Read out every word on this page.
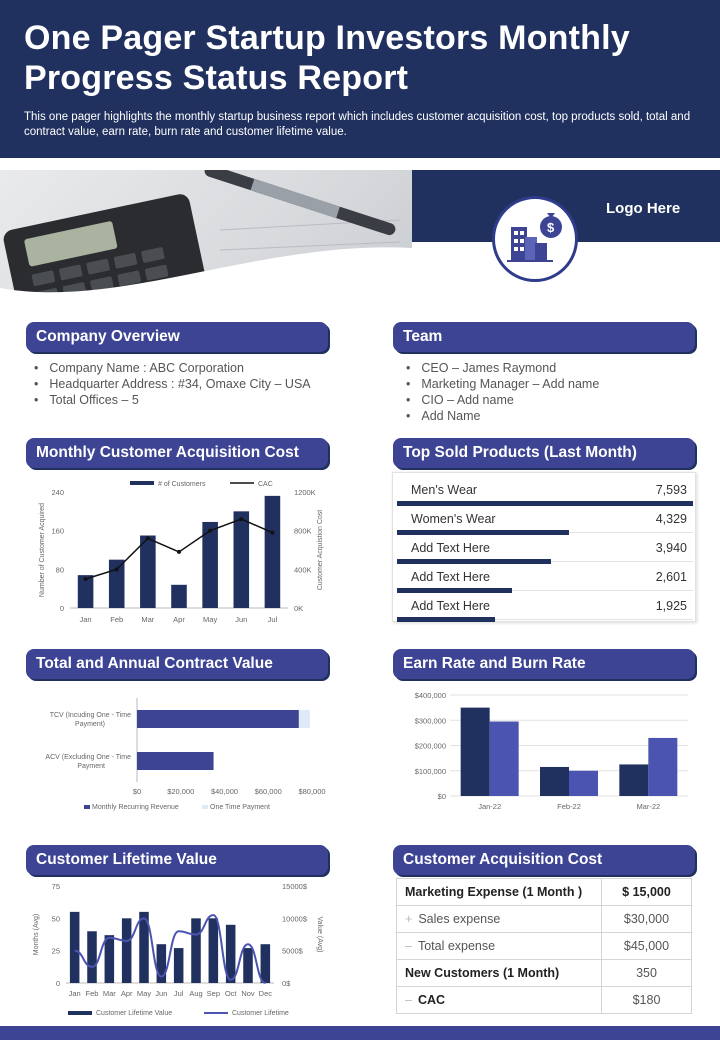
One Pager Startup Investors Monthly Progress Status Report

This one pager highlights the monthly startup business report which includes customer acquisition cost, top products sold, total and contract value, earn rate, burn rate and customer lifetime value.

$
Logo Here
Company Overview
• Company Name : ABC Corporation
• Headquarter Address : #34, Omaxe City – USA
• Total Offices – 5
Team
• CEO – James Raymond
• Marketing Manager – Add name
• CIO – Add name
• Add Name
Monthly Customer Acquisition Cost
# of Customers	CAC
0
80
160
240
0K
400K
800K
1200K
Number of Customer Acquired	Customer Acquistion Cost
Jan Feb Mar	Apr May Jun	Jul
Top Sold Products (Last Month)
Men's Wear	7,593
Women's Wear	4,329
Add Text Here	3,940
Add Text Here	2,601
Add Text Here	1,925
Total and Annual Contract Value
$0	$20,000 $40,000 $60,000 $80,000
TCV (Incuding One - Time Payment)
ACV (Excluding One - Time Payment
Monthly Recurring Revenue	One Time Payment
Earn Rate and Burn Rate
$0
$100,000
$200,000
$300,000
$400,000
Jan-22	Feb-22	Mar-22
Customer Lifetime Value
0
25
50
75
0$
5000$
10000$
15000$
Months (Avg)	Value (Avg)
Jan Feb Mar Apr May Jun Jul Aug Sep Oct Nov Dec
Customer Lifetime Value	Customer Lifetime
Customer Acquisition Cost
Marketing Expense (1 Month )	$ 15,000
+ Sales expense	$30,000
– Total expense	$45,000
New Customers (1 Month)	350
– CAC	$180
